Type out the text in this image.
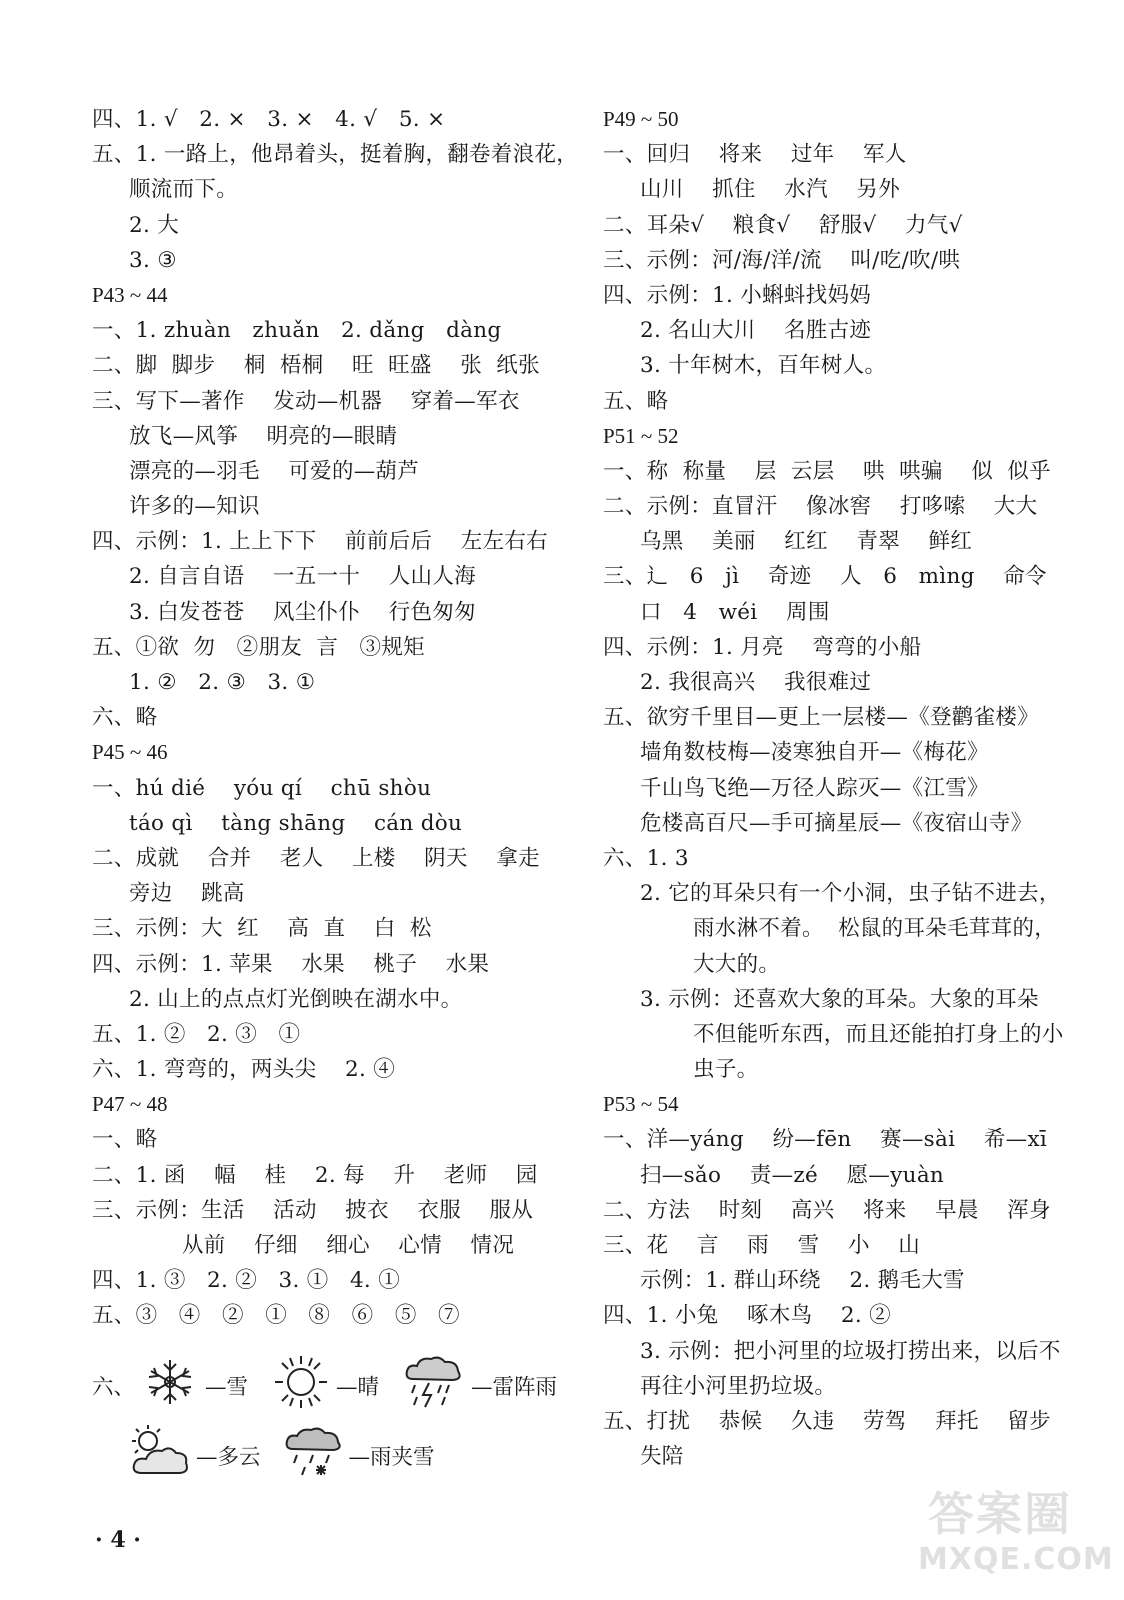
四、1. √   2. ×   3. ×   4. √   5. ×
五、1. 一路上，他昂着头，挺着胸，翻卷着浪花，
顺流而下。
2. 大
3. ③
P43 ~ 44
一、1. zhuàn   zhuǎn   2. dǎng   dàng
二、脚  脚步    桐  梧桐    旺  旺盛    张  纸张
三、写下—著作    发动—机器    穿着—军衣
放飞—风筝    明亮的—眼睛
漂亮的—羽毛    可爱的—葫芦
许多的—知识
四、示例：1. 上上下下    前前后后    左左右右
2. 自言自语    一五一十    人山人海
3. 白发苍苍    风尘仆仆    行色匆匆
五、①欲  勿   ②朋友  言   ③规矩
1. ②   2. ③   3. ①
六、略
P45 ~ 46
一、hú dié    yóu qí    chū shòu
táo qì    tàng shāng    cán dòu
二、成就    合并    老人    上楼    阴天    拿走
旁边    跳高
三、示例：大  红    高  直    白  松
四、示例：1. 苹果    水果    桃子    水果
2. 山上的点点灯光倒映在湖水中。
五、1. ②   2. ③   ①
六、1. 弯弯的，两头尖    2. ④
P47 ~ 48
一、略
二、1. 函    幅    桂    2. 每    升    老师    园
三、示例：生活    活动    披衣    衣服    服从
从前    仔细    细心    心情    情况
四、1. ③   2. ②   3. ①   4. ①
五、③   ④   ②   ①   ⑧   ⑥   ⑤   ⑦
P49 ~ 50
一、回归    将来    过年    军人
山川    抓住    水汽    另外
二、耳朵√    粮食√    舒服√    力气√
三、示例：河/海/洋/流    叫/吃/吹/哄
四、示例：1. 小蝌蚪找妈妈
2. 名山大川    名胜古迹
3. 十年树木，百年树人。
五、略
P51 ~ 52
一、称  称量    层  云层    哄  哄骗    似  似乎
二、示例：直冒汗    像冰窖    打哆嗦    大大
乌黑    美丽    红红    青翠    鲜红
三、辶   6   jì    奇迹    人   6   mìng    命令
口   4   wéi    周围
四、示例：1. 月亮    弯弯的小船
2. 我很高兴    我很难过
五、欲穷千里目—更上一层楼—《登鹳雀楼》
墙角数枝梅—凌寒独自开—《梅花》
千山鸟飞绝—万径人踪灭—《江雪》
危楼高百尺—手可摘星辰—《夜宿山寺》
六、1. 3
2. 它的耳朵只有一个小洞，虫子钻不进去，
雨水淋不着。  松鼠的耳朵毛茸茸的，
大大的。
3. 示例：还喜欢大象的耳朵。大象的耳朵
不但能听东西，而且还能拍打身上的小
虫子。
P53 ~ 54
一、洋—yáng    纷—fēn    赛—sài    希—xī
扫—sǎo    责—zé    愿—yuàn
二、方法    时刻    高兴    将来    早晨    浑身
三、花    言    雨    雪    小    山
示例：1. 群山环绕    2. 鹅毛大雪
四、1. 小兔    啄木鸟    2. ②
3. 示例：把小河里的垃圾打捞出来，以后不
再往小河里扔垃圾。
五、打扰    恭候    久违    劳驾    拜托    留步
失陪
六、	—雪	—晴	—雷阵雨
—多云	—雨夹雪
· 4 ·	答案圈
MXQE.COM
